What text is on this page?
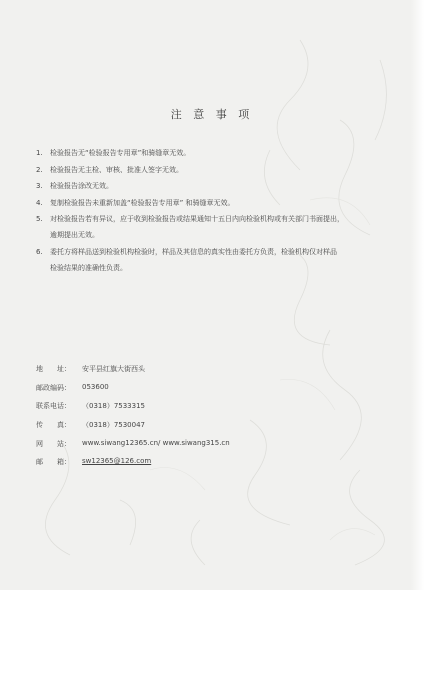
注 意 事 项
1. 检验报告无“检验报告专用章”和骑缝章无效。
2. 检验报告无主检、审核、批准人签字无效。
3. 检验报告涂改无效。
4. 复制检验报告未重新加盖“检验报告专用章” 和骑缝章无效。
5. 对检验报告若有异议，应于收到检验报告或结果通知十五日内向检验机构或有关部门书面提出，
逾期提出无效。
6. 委托方将样品送到检验机构检验时，样品及其信息的真实性由委托方负责，检验机构仅对样品
检验结果的准确性负责。
地 址： 安平县红旗大街西头
邮政编码： 053600
联系电话： （0318）7533315
传 真： （0318）7530047
网 站： www.siwang12365.cn/ www.siwang315.cn
邮 箱： sw12365@126.com
